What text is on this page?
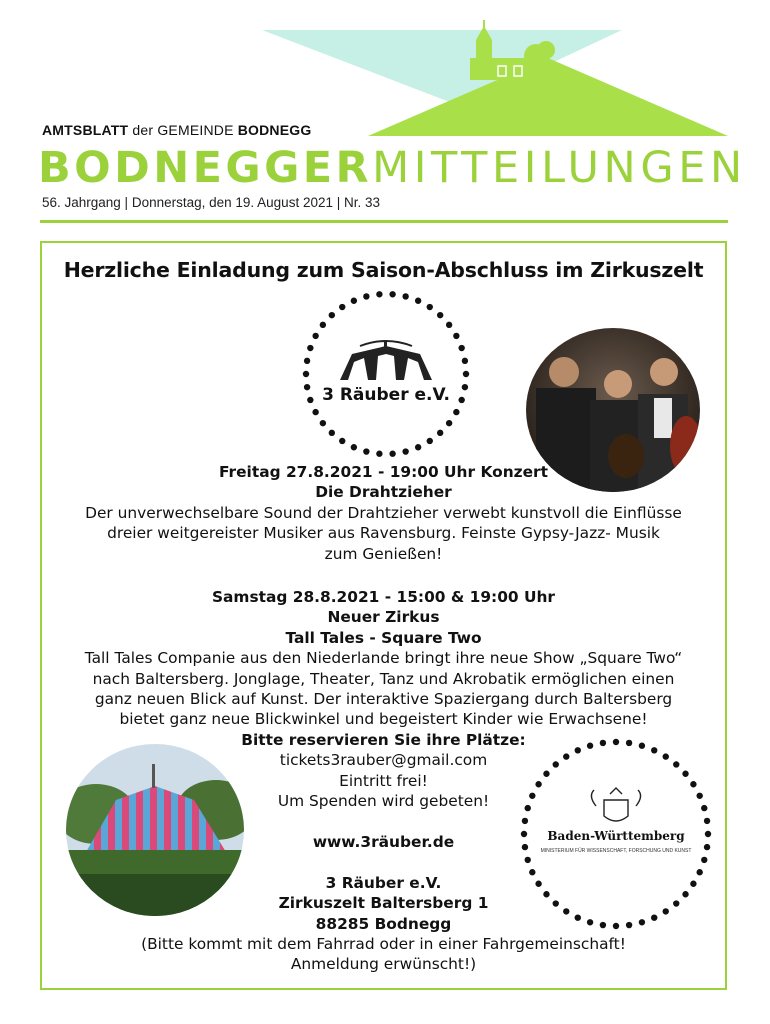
AMTSBLATT der GEMEINDE BODNEGG
BODNEGGERMITTEILUNGEN
56. Jahrgang | Donnerstag, den 19. August 2021 | Nr. 33
Herzliche Einladung zum Saison-Abschluss im Zirkuszelt
3 Räuber e.V.
Freitag 27.8.2021 - 19:00 Uhr Konzert
Die Drahtzieher
Der unverwechselbare Sound der Drahtzieher verwebt kunstvoll die Einflüsse
dreier weitgereister Musiker aus Ravensburg. Feinste Gypsy-Jazz- Musik
zum Genießen!
Samstag 28.8.2021 - 15:00 & 19:00 Uhr
Neuer Zirkus
Tall Tales - Square Two
Tall Tales Companie aus den Niederlande bringt ihre neue Show „Square Two“
nach Baltersberg. Jonglage, Theater, Tanz und Akrobatik ermöglichen einen
ganz neuen Blick auf Kunst. Der interaktive Spaziergang durch Baltersberg
bietet ganz neue Blickwinkel und begeistert Kinder wie Erwachsene!
Bitte reservieren Sie ihre Plätze:
tickets3rauber@gmail.com
Eintritt frei!
Um Spenden wird gebeten!

www.3räuber.de

3 Räuber e.V.
Zirkuszelt Baltersberg 1
88285 Bodnegg
(Bitte kommt mit dem Fahrrad oder in einer Fahrgemeinschaft!
Anmeldung erwünscht!)
Baden-Württemberg
MINISTERIUM FÜR WISSENSCHAFT, FORSCHUNG UND KUNST
